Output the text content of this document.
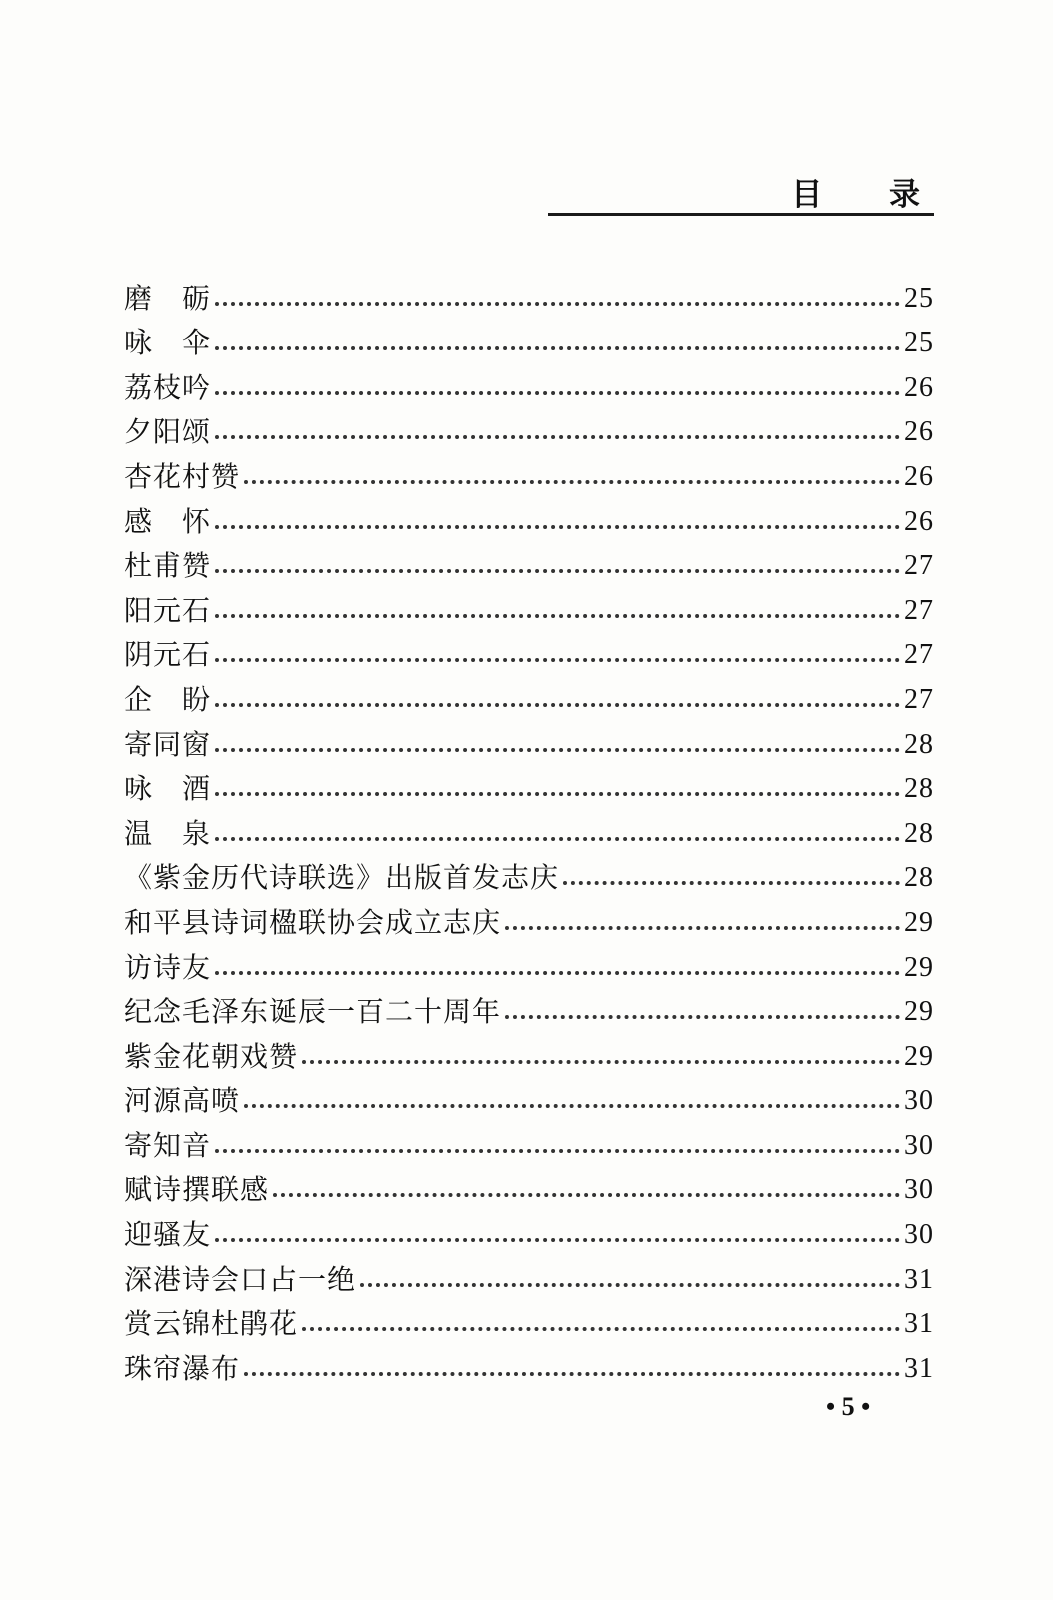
目 录
磨　砺	25
咏　伞	25
荔枝吟	26
夕阳颂	26
杏花村赞	26
感　怀	26
杜甫赞	27
阳元石	27
阴元石	27
企　盼	27
寄同窗	28
咏　酒	28
温　泉	28
《紫金历代诗联选》出版首发志庆	28
和平县诗词楹联协会成立志庆	29
访诗友	29
纪念毛泽东诞辰一百二十周年	29
紫金花朝戏赞	29
河源高喷	30
寄知音	30
赋诗撰联感	30
迎骚友	30
深港诗会口占一绝	31
赏云锦杜鹃花	31
珠帘瀑布	31
• 5 •
